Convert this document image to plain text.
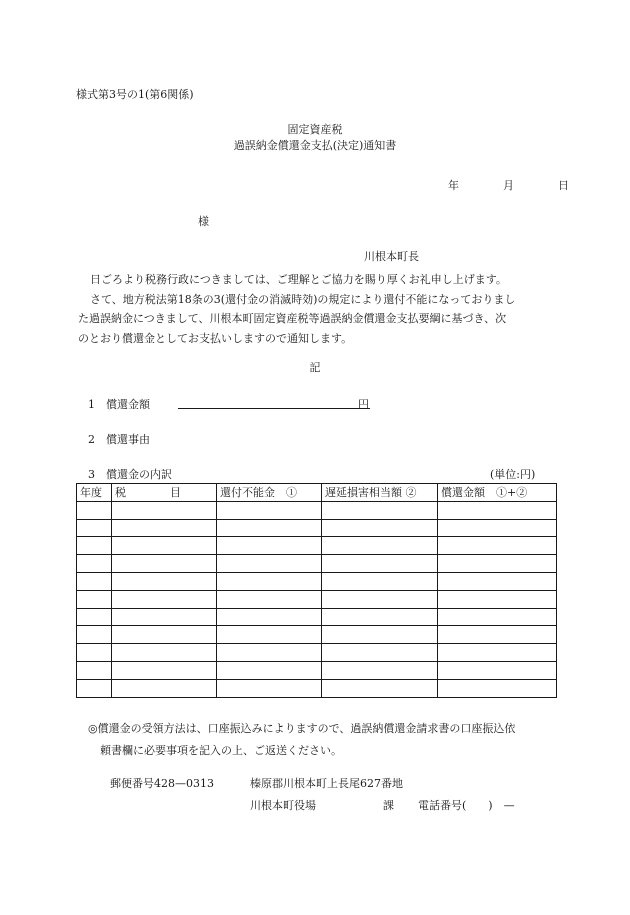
様式第3号の1(第6関係)
固定資産税
過誤納金償還金支払(決定)通知書
年	月	日
様
川根本町長

日ごろより税務行政につきましては、ご理解とご協力を賜り厚くお礼申し上げます。

さて、地方税法第18条の3(還付金の消滅時効)の規定により還付不能になっておりまし

た過誤納金につきまして、川根本町固定資産税等過誤納金償還金支払要綱に基づき、次

のとおり償還金としてお支払いしますので通知します。

記
1　償還金額	円
2　償還事由
3　償還金の内訳	(単位:円)
年度	税　　　　目	還付不能金　①	遅延損害相当額 ②	償還金額　①+②

◎償還金の受領方法は、口座振込みによりますので、過誤納償還金請求書の口座振込依
頼書欄に必要事項を記入の上、ご返送ください。
郵便番号428—0313	榛原郡川根本町上長尾627番地
川根本町役場	課 電話番号(　　)　—
